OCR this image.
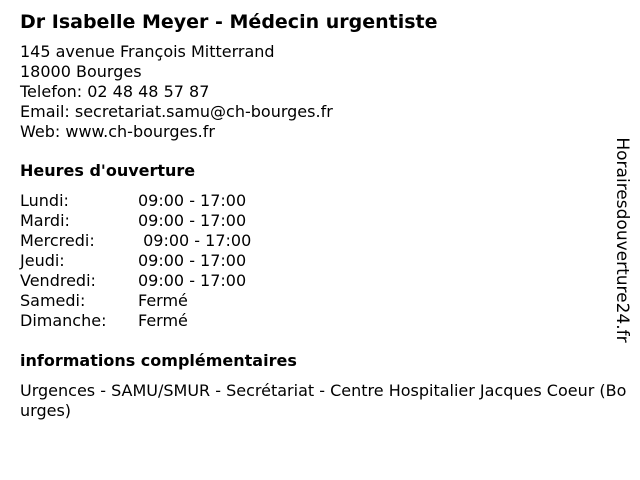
Dr Isabelle Meyer - Médecin urgentiste
145 avenue François Mitterrand
18000 Bourges
Telefon: 02 48 48 57 87
Email: secretariat.samu@ch-bourges.fr
Web: www.ch-bourges.fr
Heures d'ouverture
Lundi:	09:00 - 17:00
Mardi:	09:00 - 17:00
Mercredi:	09:00 - 17:00
Jeudi:	09:00 - 17:00
Vendredi:	09:00 - 17:00
Samedi:	Fermé
Dimanche:	Fermé
informations complémentaires
Urgences - SAMU/SMUR - Secrétariat - Centre Hospitalier Jacques Coeur (Bourges)
Horairesdouverture24.fr
